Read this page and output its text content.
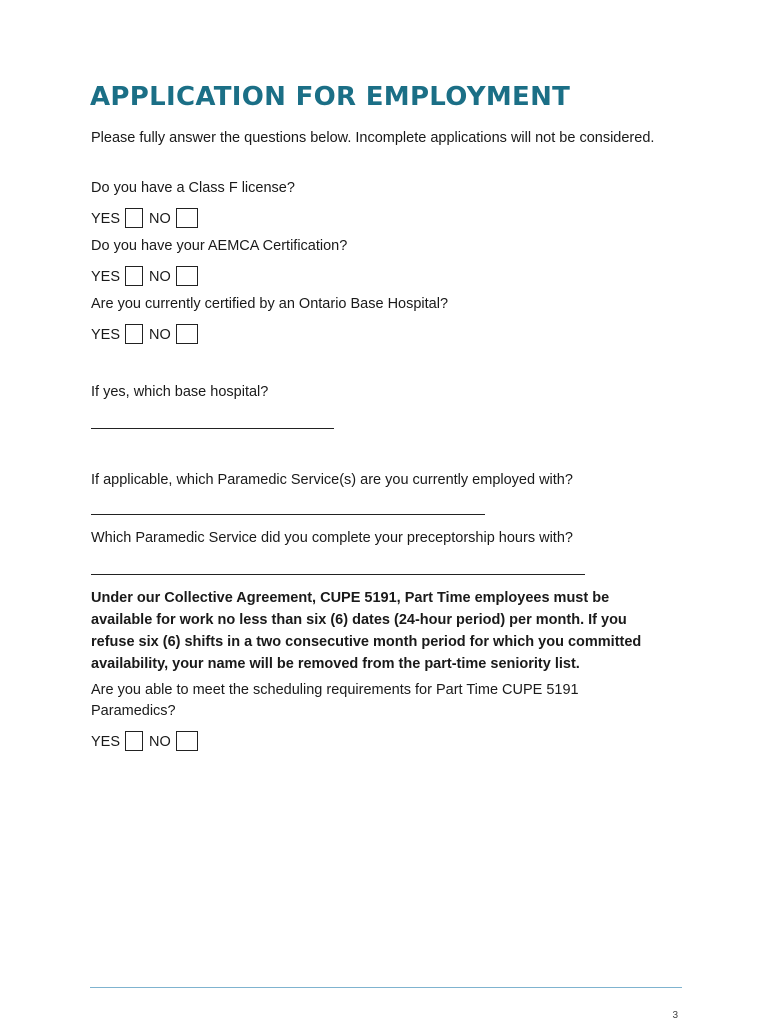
APPLICATION FOR EMPLOYMENT

Please fully answer the questions below. Incomplete applications will not be considered.

Do you have a Class F license?

YES NO

Do you have your AEMCA Certification?

YES NO

Are you currently certified by an Ontario Base Hospital?

YES NO

If yes, which base hospital?

If applicable, which Paramedic Service(s) are you currently employed with?

Which Paramedic Service did you complete your preceptorship hours with?

Under our Collective Agreement, CUPE 5191, Part Time employees must be available for work no less than six (6) dates (24-hour period) per month. If you refuse six (6) shifts in a two consecutive month period for which you committed availability, your name will be removed from the part-time seniority list.

Are you able to meet the scheduling requirements for Part Time CUPE 5191 Paramedics?

YES NO
3
